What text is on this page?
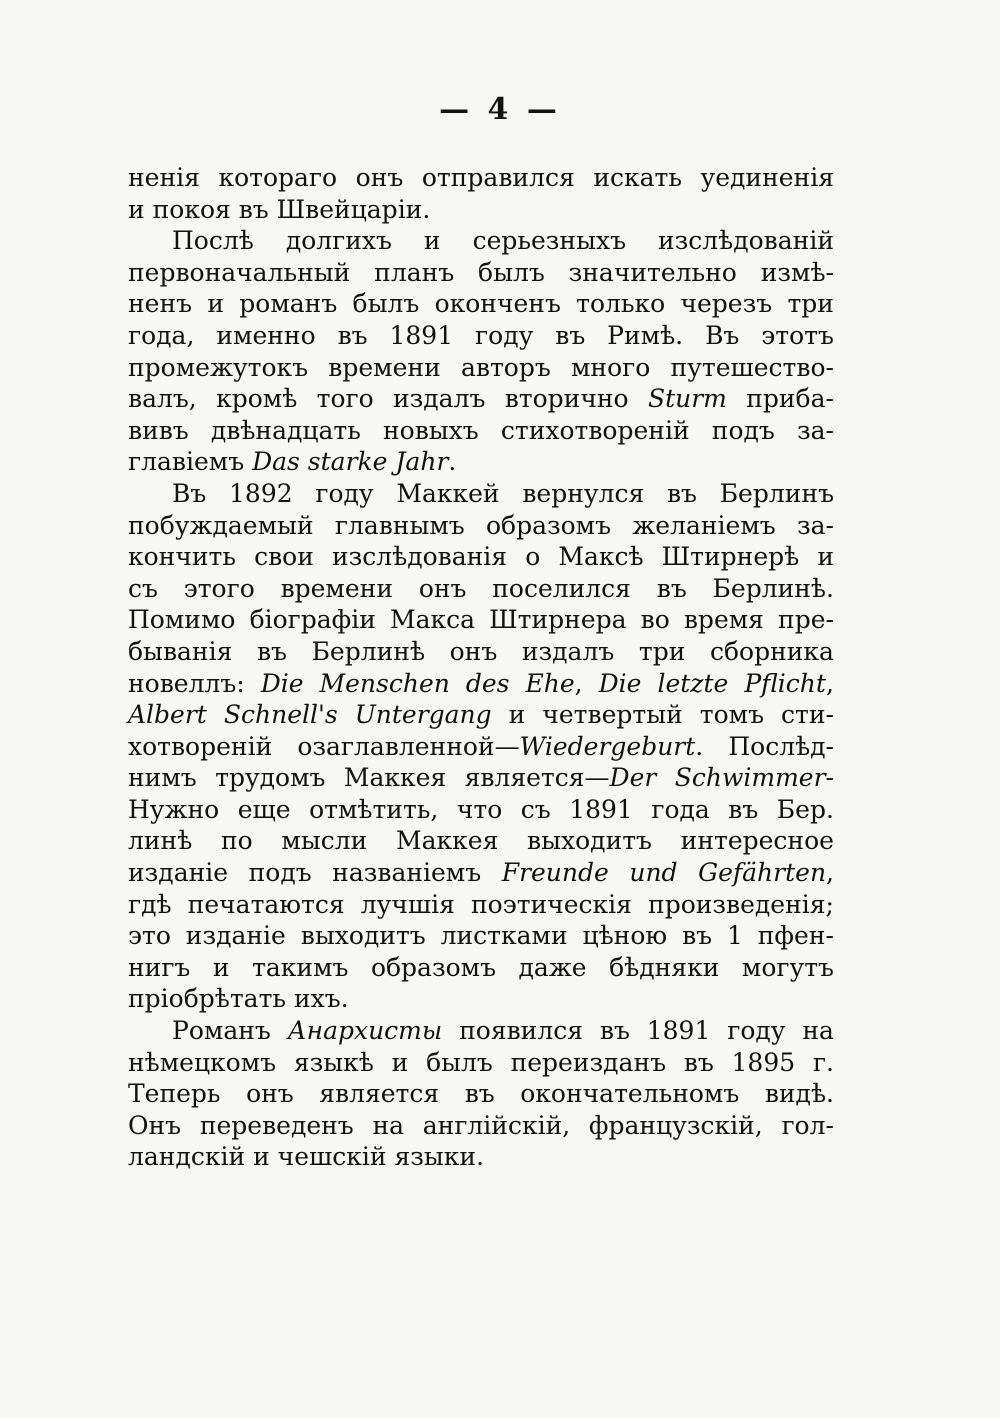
— 4 —
ненія котораго онъ отправился искать уединенія
и покоя въ Швейцаріи.
Послѣ долгихъ и серьезныхъ изслѣдованій
первоначальный планъ былъ значительно измѣ-
ненъ и романъ былъ оконченъ только черезъ три
года, именно въ 1891 году въ Римѣ. Въ этотъ
промежутокъ времени авторъ много путешество-
валъ, кромѣ того издалъ вторично Sturm прибa-
вивъ двѣнадцать новыхъ стихотвореній подъ за-
главіемъ Das starke Jahr .
Въ 1892 году Маккей вернулся въ Берлинъ
побуждаемый главнымъ образомъ желаніемъ за-
кончить свои изслѣдованія о Максѣ Штирнерѣ и
съ этого времени онъ поселился въ Берлинѣ.
Помимо біографіи Макса Штирнера во время пре-
быванія въ Берлинѣ онъ издалъ три сборника
новеллъ: Die Menschen des Ehe, Die letzte Pflicht,
Albert Schnell's Untergang и четвертый томъ сти-
хотвореній озаглавленной—Wiedergeburt. Послѣд-
нимъ трудомъ Маккея является—Der Schwimmer-
Нужно еще отмѣтить, что съ 1891 года въ Бер.
линѣ по мысли Маккея выходитъ интересное
изданіе подъ названіемъ Freunde und Gefährten,
гдѣ печатаются лучшія поэтическія произведенія;
это изданіе выходитъ листками цѣною въ 1 пфен-
нигъ и такимъ образомъ даже бѣдняки могутъ
пріобрѣтать ихъ.
Романъ Анархисты появился въ 1891 году на
нѣмецкомъ языкѣ и былъ переизданъ въ 1895 г.
Теперь онъ является въ окончательномъ видѣ.
Онъ переведенъ на англійскій, французскій, гол-
ландскій и чешскій языки.
